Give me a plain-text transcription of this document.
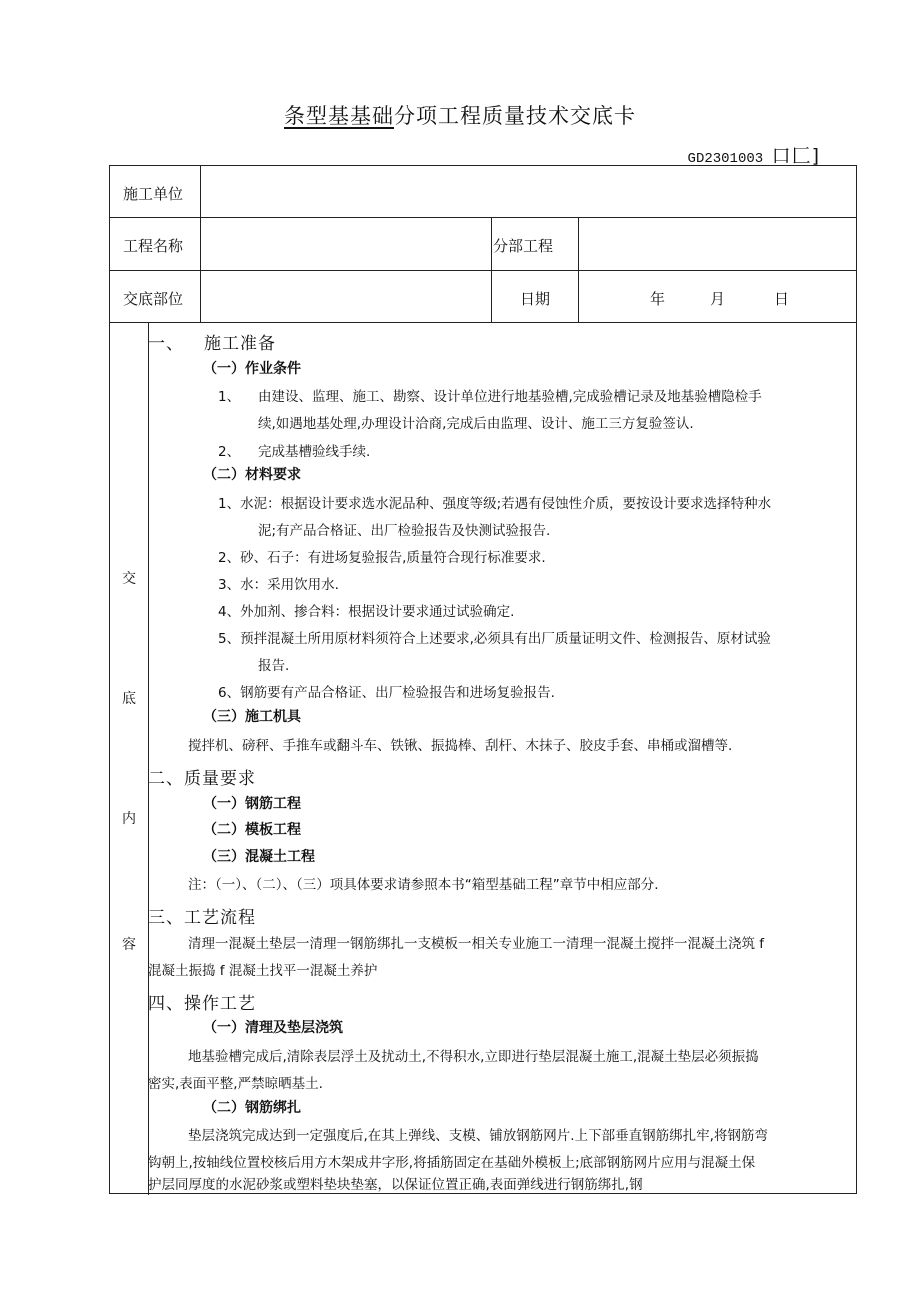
条型基基础分项工程质量技术交底卡
GD2301003 口匚]
施工单位
工程名称	分部工程
交底部位	日期	年	月	日
交
底
内
容
一、 施工准备
（一）作业条件
1、 由建设、监理、施工、勘察、设计单位进行地基验槽,完成验槽记录及地基验槽隐检手
续,如遇地基处理,办理设计洽商,完成后由监理、设计、施工三方复验签认.
2、 完成基槽验线手续.
（二）材料要求
1、水泥：根据设计要求选水泥品种、强度等级;若遇有侵蚀性介质，要按设计要求选择特种水
泥;有产品合格证、出厂检验报告及快测试验报告.
2、砂、石子：有进场复验报告,质量符合现行标准要求.
3、水：采用饮用水.
4、外加剂、掺合料：根据设计要求通过试验确定.
5、预拌混凝土所用原材料须符合上述要求,必须具有出厂质量证明文件、检测报告、原材试验
报告.
6、钢筋要有产品合格证、出厂检验报告和进场复验报告.
（三）施工机具
搅拌机、磅秤、手推车或翻斗车、铁锹、振捣棒、刮杆、木抹子、胶皮手套、串桶或溜槽等.
二、质量要求
（一）钢筋工程
（二）模板工程
（三）混凝土工程
注：（一）、（二）、（三）项具体要求请参照本书“箱型基础工程”章节中相应部分.
三、工艺流程
清理一混凝土垫层一清理一钢筋绑扎一支模板一相关专业施工一清理一混凝土搅拌一混凝土浇筑 f
混凝土振捣 f 混凝土找平一混凝土养护
四、操作工艺
（一）清理及垫层浇筑
地基验槽完成后,清除表层浮土及扰动土,不得积水,立即进行垫层混凝土施工,混凝土垫层必须振捣
密实,表面平整,严禁晾晒基土.
（二）钢筋绑扎
垫层浇筑完成达到一定强度后,在其上弹线、支模、铺放钢筋网片.上下部垂直钢筋绑扎牢,将钢筋弯
钩朝上,按轴线位置校核后用方木架成井字形,将插筋固定在基础外模板上;底部钢筋网片应用与混凝土保
护层同厚度的水泥砂浆或塑料垫块垫塞，以保证位置正确,表面弹线进行钢筋绑扎,钢
